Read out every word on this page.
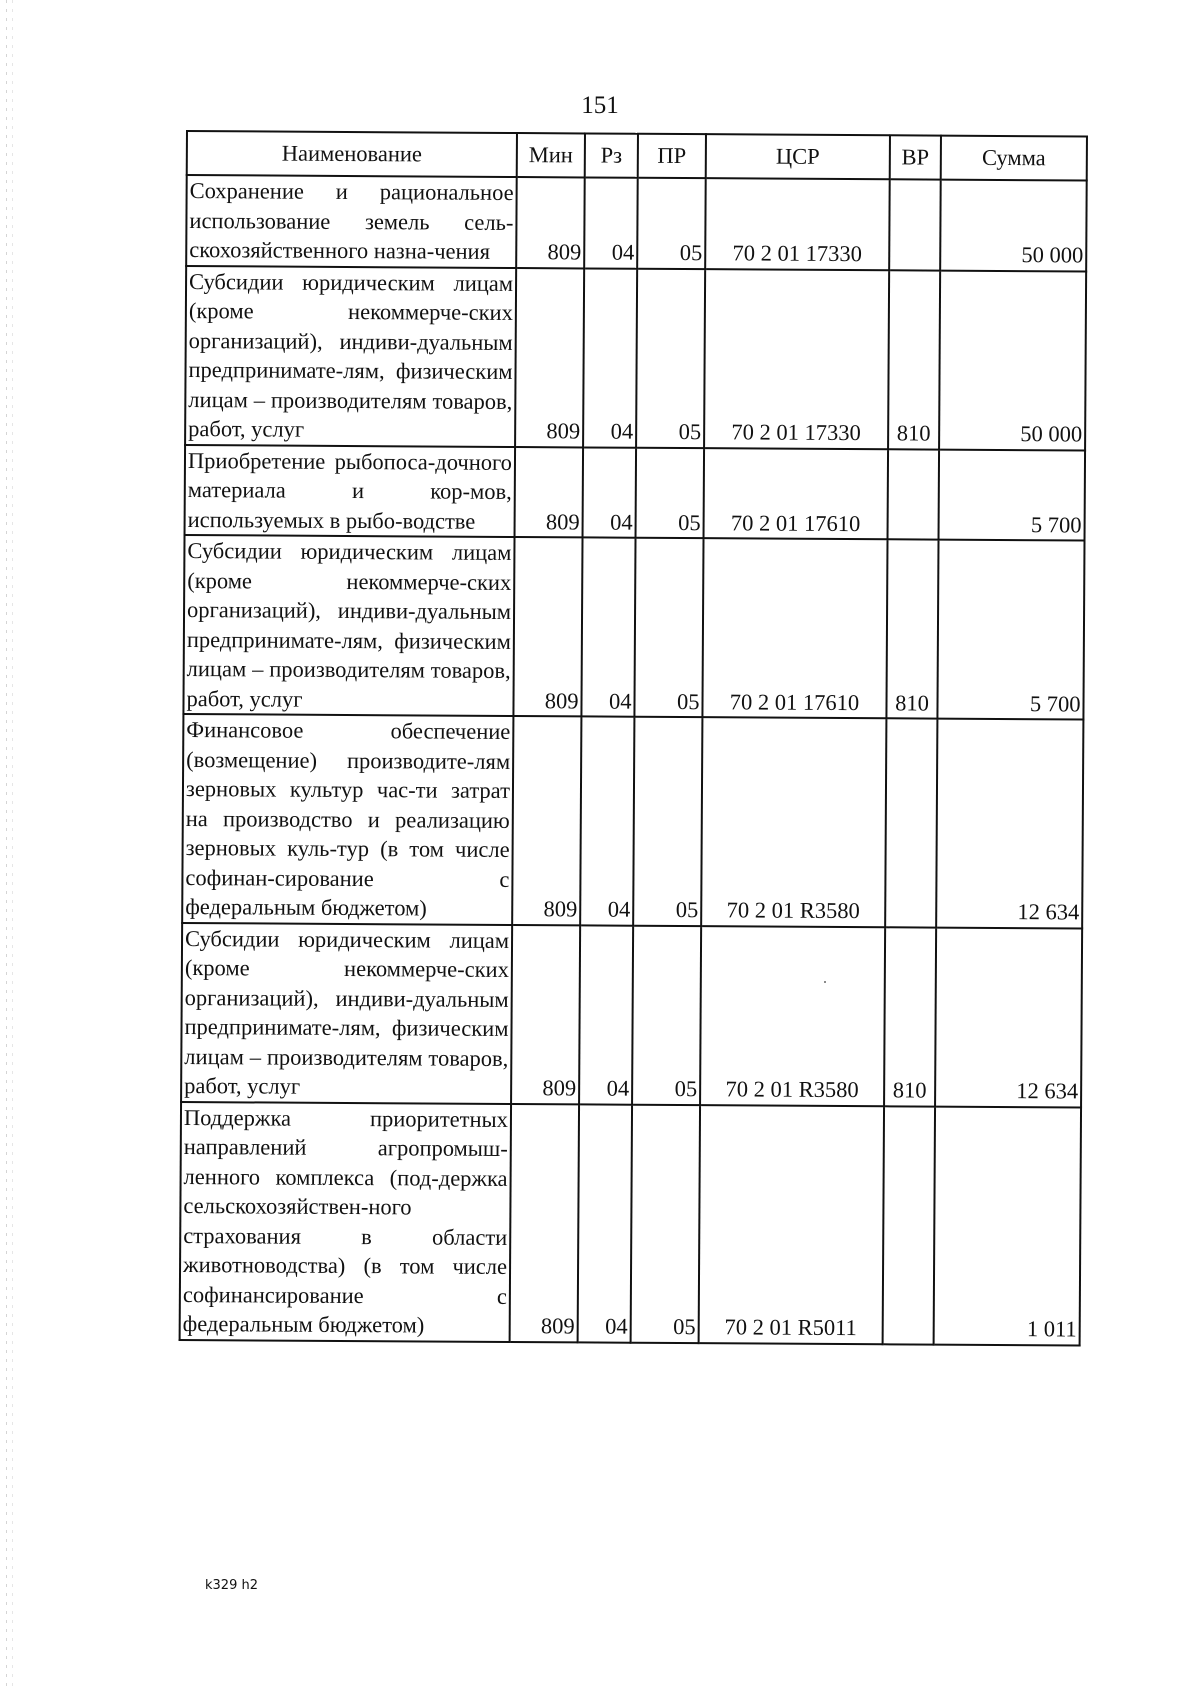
151
Наименование	Мин	Рз	ПР	ЦСР	ВР	Сумма
Сохранение и рациональное использование земель сель-скохозяйственного назна-чения	809	04	05	70 2 01 17330		50 000
Субсидии юридическим лицам (кроме некоммерче-ских организаций), индиви-дуальным предпринимате-лям, физическим лицам – производителям товаров, работ, услуг	809	04	05	70 2 01 17330	810	50 000
Приобретение рыбопоса-дочного материала и кор-мов, используемых в рыбо-водстве	809	04	05	70 2 01 17610		5 700
Субсидии юридическим лицам (кроме некоммерче-ских организаций), индиви-дуальным предпринимате-лям, физическим лицам – производителям товаров, работ, услуг	809	04	05	70 2 01 17610	810	5 700
Финансовое обеспечение (возмещение) производите-лям зерновых культур час-ти затрат на производство и реализацию зерновых куль-тур (в том числе софинан-сирование с федеральным бюджетом)	809	04	05	70 2 01 R3580		12 634
Субсидии юридическим лицам (кроме некоммерче-ских организаций), индиви-дуальным предпринимате-лям, физическим лицам – производителям товаров, работ, услуг	809	04	05	70 2 01 R3580	810	12 634
Поддержка приоритетных направлений агропромыш-ленного комплекса (под-держка сельскохозяйствен-ного страхования в области животноводства) (в том числе софинансирование с федеральным бюджетом)	809	04	05	70 2 01 R5011		1 011
k329 h2
